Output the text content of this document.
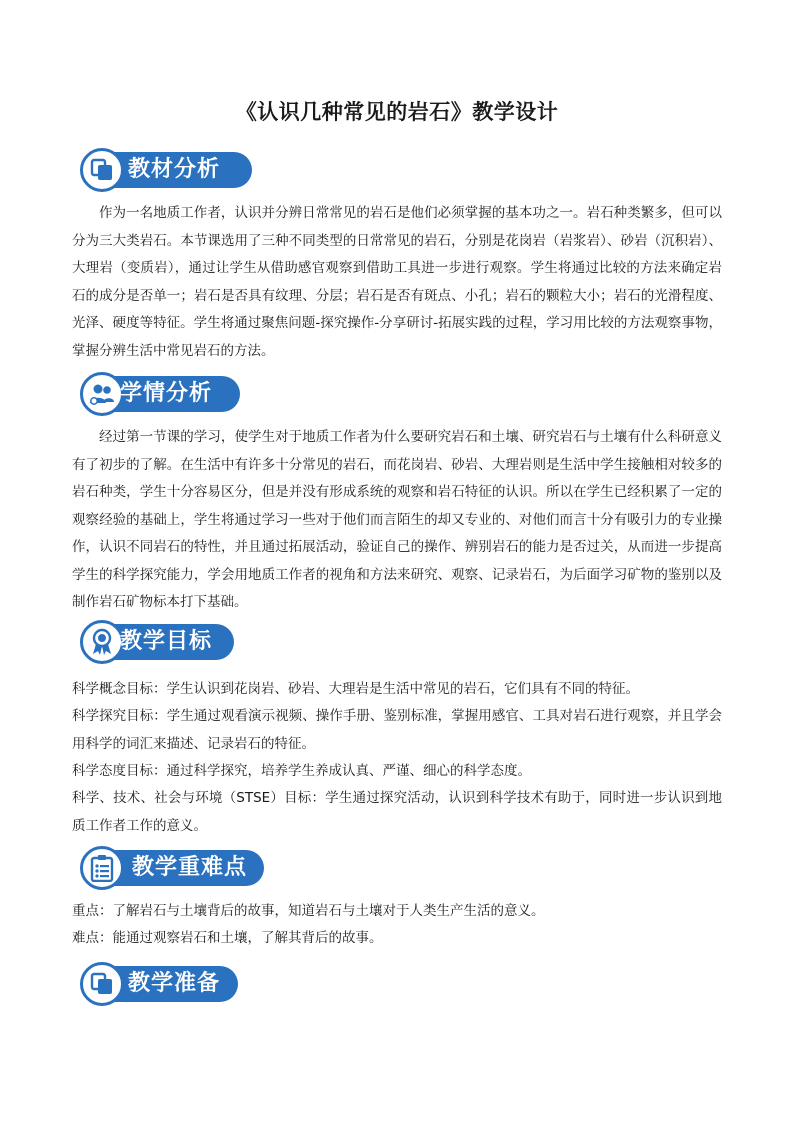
《认识几种常见的岩石》教学设计
教材分析

作为一名地质工作者，认识并分辨日常常见的岩石是他们必须掌握的基本功之一。岩石种类繁多，但可以分为三大类岩石。本节课选用了三种不同类型的日常常见的岩石，分别是花岗岩（岩浆岩）、砂岩（沉积岩）、大理岩（变质岩），通过让学生从借助感官观察到借助工具进一步进行观察。学生将通过比较的方法来确定岩石的成分是否单一；岩石是否具有纹理、分层；岩石是否有斑点、小孔；岩石的颗粒大小；岩石的光滑程度、光泽、硬度等特征。学生将通过聚焦问题-探究操作-分享研讨-拓展实践的过程，学习用比较的方法观察事物，掌握分辨生活中常见岩石的方法。

学情分析

经过第一节课的学习，使学生对于地质工作者为什么要研究岩石和土壤、研究岩石与土壤有什么科研意义有了初步的了解。在生活中有许多十分常见的岩石，而花岗岩、砂岩、大理岩则是生活中学生接触相对较多的岩石种类，学生十分容易区分，但是并没有形成系统的观察和岩石特征的认识。所以在学生已经积累了一定的观察经验的基础上，学生将通过学习一些对于他们而言陌生的却又专业的、对他们而言十分有吸引力的专业操作，认识不同岩石的特性，并且通过拓展活动，验证自己的操作、辨别岩石的能力是否过关，从而进一步提高学生的科学探究能力，学会用地质工作者的视角和方法来研究、观察、记录岩石，为后面学习矿物的鉴别以及制作岩石矿物标本打下基础。

教学目标

科学概念目标：学生认识到花岗岩、砂岩、大理岩是生活中常见的岩石，它们具有不同的特征。

科学探究目标：学生通过观看演示视频、操作手册、鉴别标准，掌握用感官、工具对岩石进行观察，并且学会用科学的词汇来描述、记录岩石的特征。

科学态度目标：通过科学探究，培养学生养成认真、严谨、细心的科学态度。

科学、技术、社会与环境（STSE）目标：学生通过探究活动，认识到科学技术有助于，同时进一步认识到地质工作者工作的意义。

教学重难点

重点：了解岩石与土壤背后的故事，知道岩石与土壤对于人类生产生活的意义。

难点：能通过观察岩石和土壤，了解其背后的故事。

教学准备
